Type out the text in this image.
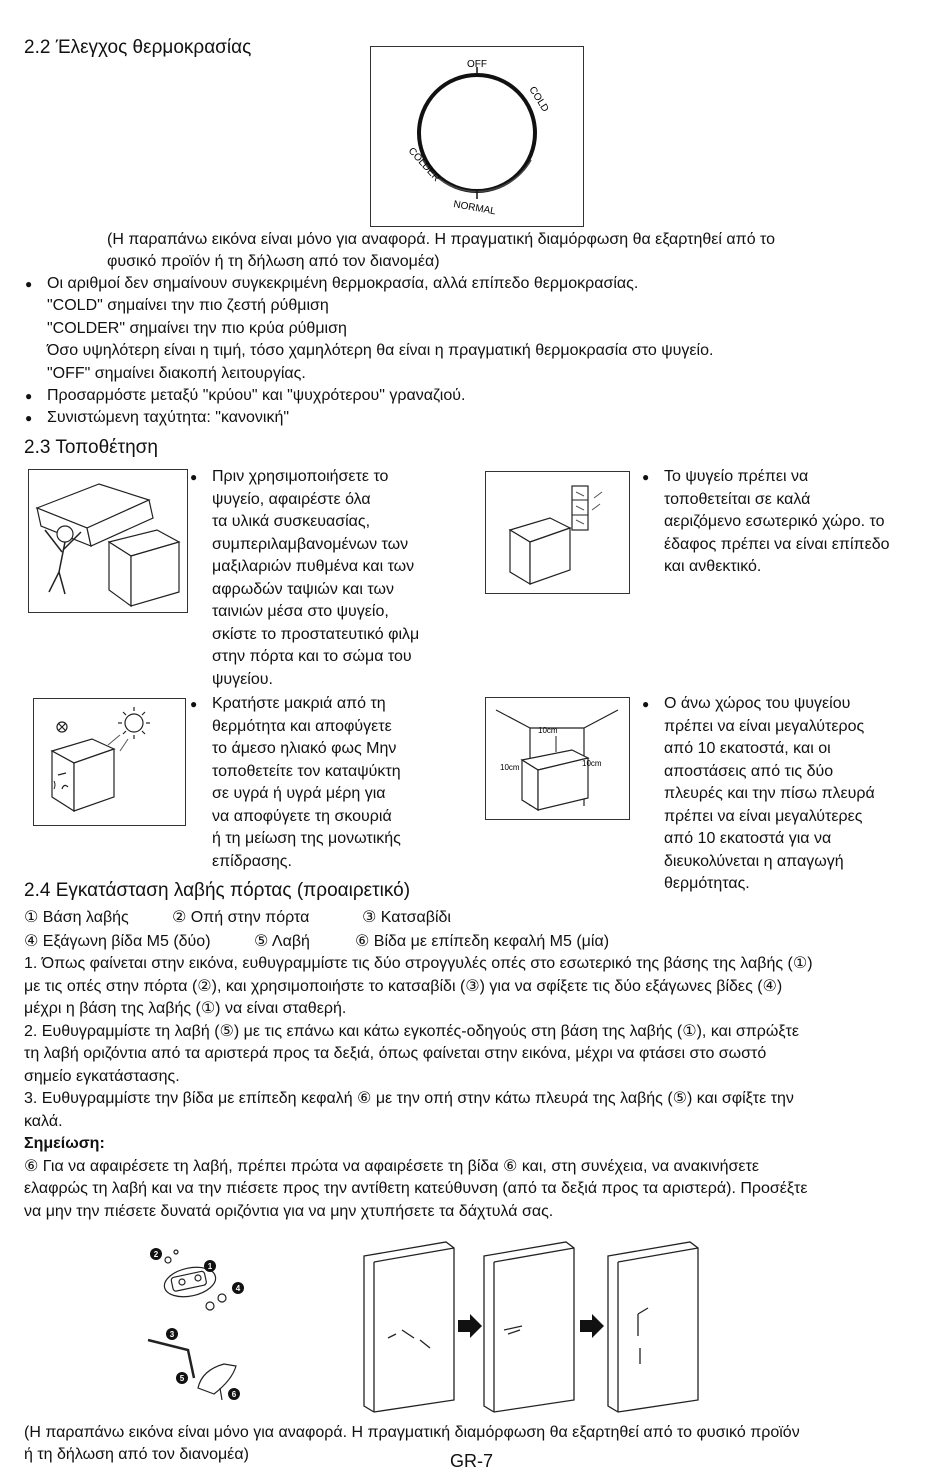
2.2 Έλεγχος θερμοκρασίας
OFF
COLD
COLDER
NORMAL
(Η παραπάνω εικόνα είναι μόνο για αναφορά. Η πραγματική διαμόρφωση θα εξαρτηθεί από το
φυσικό προϊόν ή τη δήλωση από τον διανομέα)
● Οι αριθμοί δεν σημαίνουν συγκεκριμένη θερμοκρασία, αλλά επίπεδο θερμοκρασίας.
"COLD" σημαίνει την πιο ζεστή ρύθμιση
"COLDER" σημαίνει την πιο κρύα ρύθμιση
Όσο υψηλότερη είναι η τιμή, τόσο χαμηλότερη θα είναι η πραγματική θερμοκρασία στο ψυγείο.
"OFF" σημαίνει διακοπή λειτουργίας.
● Προσαρμόστε μεταξύ "κρύου" και "ψυχρότερου" γραναζιού.
● Συνιστώμενη ταχύτητα: "κανονική"
2.3 Τοποθέτηση
● Πριν χρησιμοποιήσετε το
ψυγείο, αφαιρέστε όλα
τα υλικά συσκευασίας,
συμπεριλαμβανομένων των
μαξιλαριών πυθμένα και των
αφρωδών ταψιών και των
ταινιών μέσα στο ψυγείο,
σκίστε το προστατευτικό φιλμ
στην πόρτα και το σώμα του
ψυγείου.
● Το ψυγείο πρέπει να
τοποθετείται σε καλά
αεριζόμενο εσωτερικό χώρο. το
έδαφος πρέπει να είναι επίπεδο
και ανθεκτικό.
● Κρατήστε μακριά από τη
θερμότητα και αποφύγετε
το άμεσο ηλιακό φως Μην
τοποθετείτε τον καταψύκτη
σε υγρά ή υγρά μέρη για
να αποφύγετε τη σκουριά
ή τη μείωση της μονωτικής
επίδρασης.
10cm
10cm	10cm
● Ο άνω χώρος του ψυγείου
πρέπει να είναι μεγαλύτερος
από 10 εκατοστά, και οι
αποστάσεις από τις δύο
πλευρές και την πίσω πλευρά
πρέπει να είναι μεγαλύτερες
από 10 εκατοστά για να
διευκολύνεται η απαγωγή
θερμότητας.
2.4 Εγκατάσταση λαβής πόρτας (προαιρετικό)
① Βάση λαβής	② Οπή στην πόρτα	③ Κατσαβίδι
④ Εξάγωνη βίδα M5 (δύο)	⑤ Λαβή	⑥ Βίδα με επίπεδη κεφαλή M5 (μία)
1. Όπως φαίνεται στην εικόνα, ευθυγραμμίστε τις δύο στρογγυλές οπές στο εσωτερικό της βάσης της λαβής (①)
με τις οπές στην πόρτα (②), και χρησιμοποιήστε το κατσαβίδι (③) για να σφίξετε τις δύο εξάγωνες βίδες (④)
μέχρι η βάση της λαβής (①) να είναι σταθερή.
2. Ευθυγραμμίστε τη λαβή (⑤) με τις επάνω και κάτω εγκοπές-οδηγούς στη βάση της λαβής (①), και σπρώξτε
τη λαβή οριζόντια από τα αριστερά προς τα δεξιά, όπως φαίνεται στην εικόνα, μέχρι να φτάσει στο σωστό
σημείο εγκατάστασης.
3. Ευθυγραμμίστε την βίδα με επίπεδη κεφαλή ⑥ με την οπή στην κάτω πλευρά της λαβής (⑤) και σφίξτε την
καλά.
Σημείωση:
⑥ Για να αφαιρέσετε τη λαβή, πρέπει πρώτα να αφαιρέσετε τη βίδα ⑥ και, στη συνέχεια, να ανακινήσετε
ελαφρώς τη λαβή και να την πιέσετε προς την αντίθετη κατεύθυνση (από τα δεξιά προς τα αριστερά). Προσέξτε
να μην την πιέσετε δυνατά οριζόντια για να μην χτυπήσετε τα δάχτυλά σας.
1
2
3
4
5
6
(Η παραπάνω εικόνα είναι μόνο για αναφορά. Η πραγματική διαμόρφωση θα εξαρτηθεί από το φυσικό προϊόν
ή τη δήλωση από τον διανομέα)	GR-7
